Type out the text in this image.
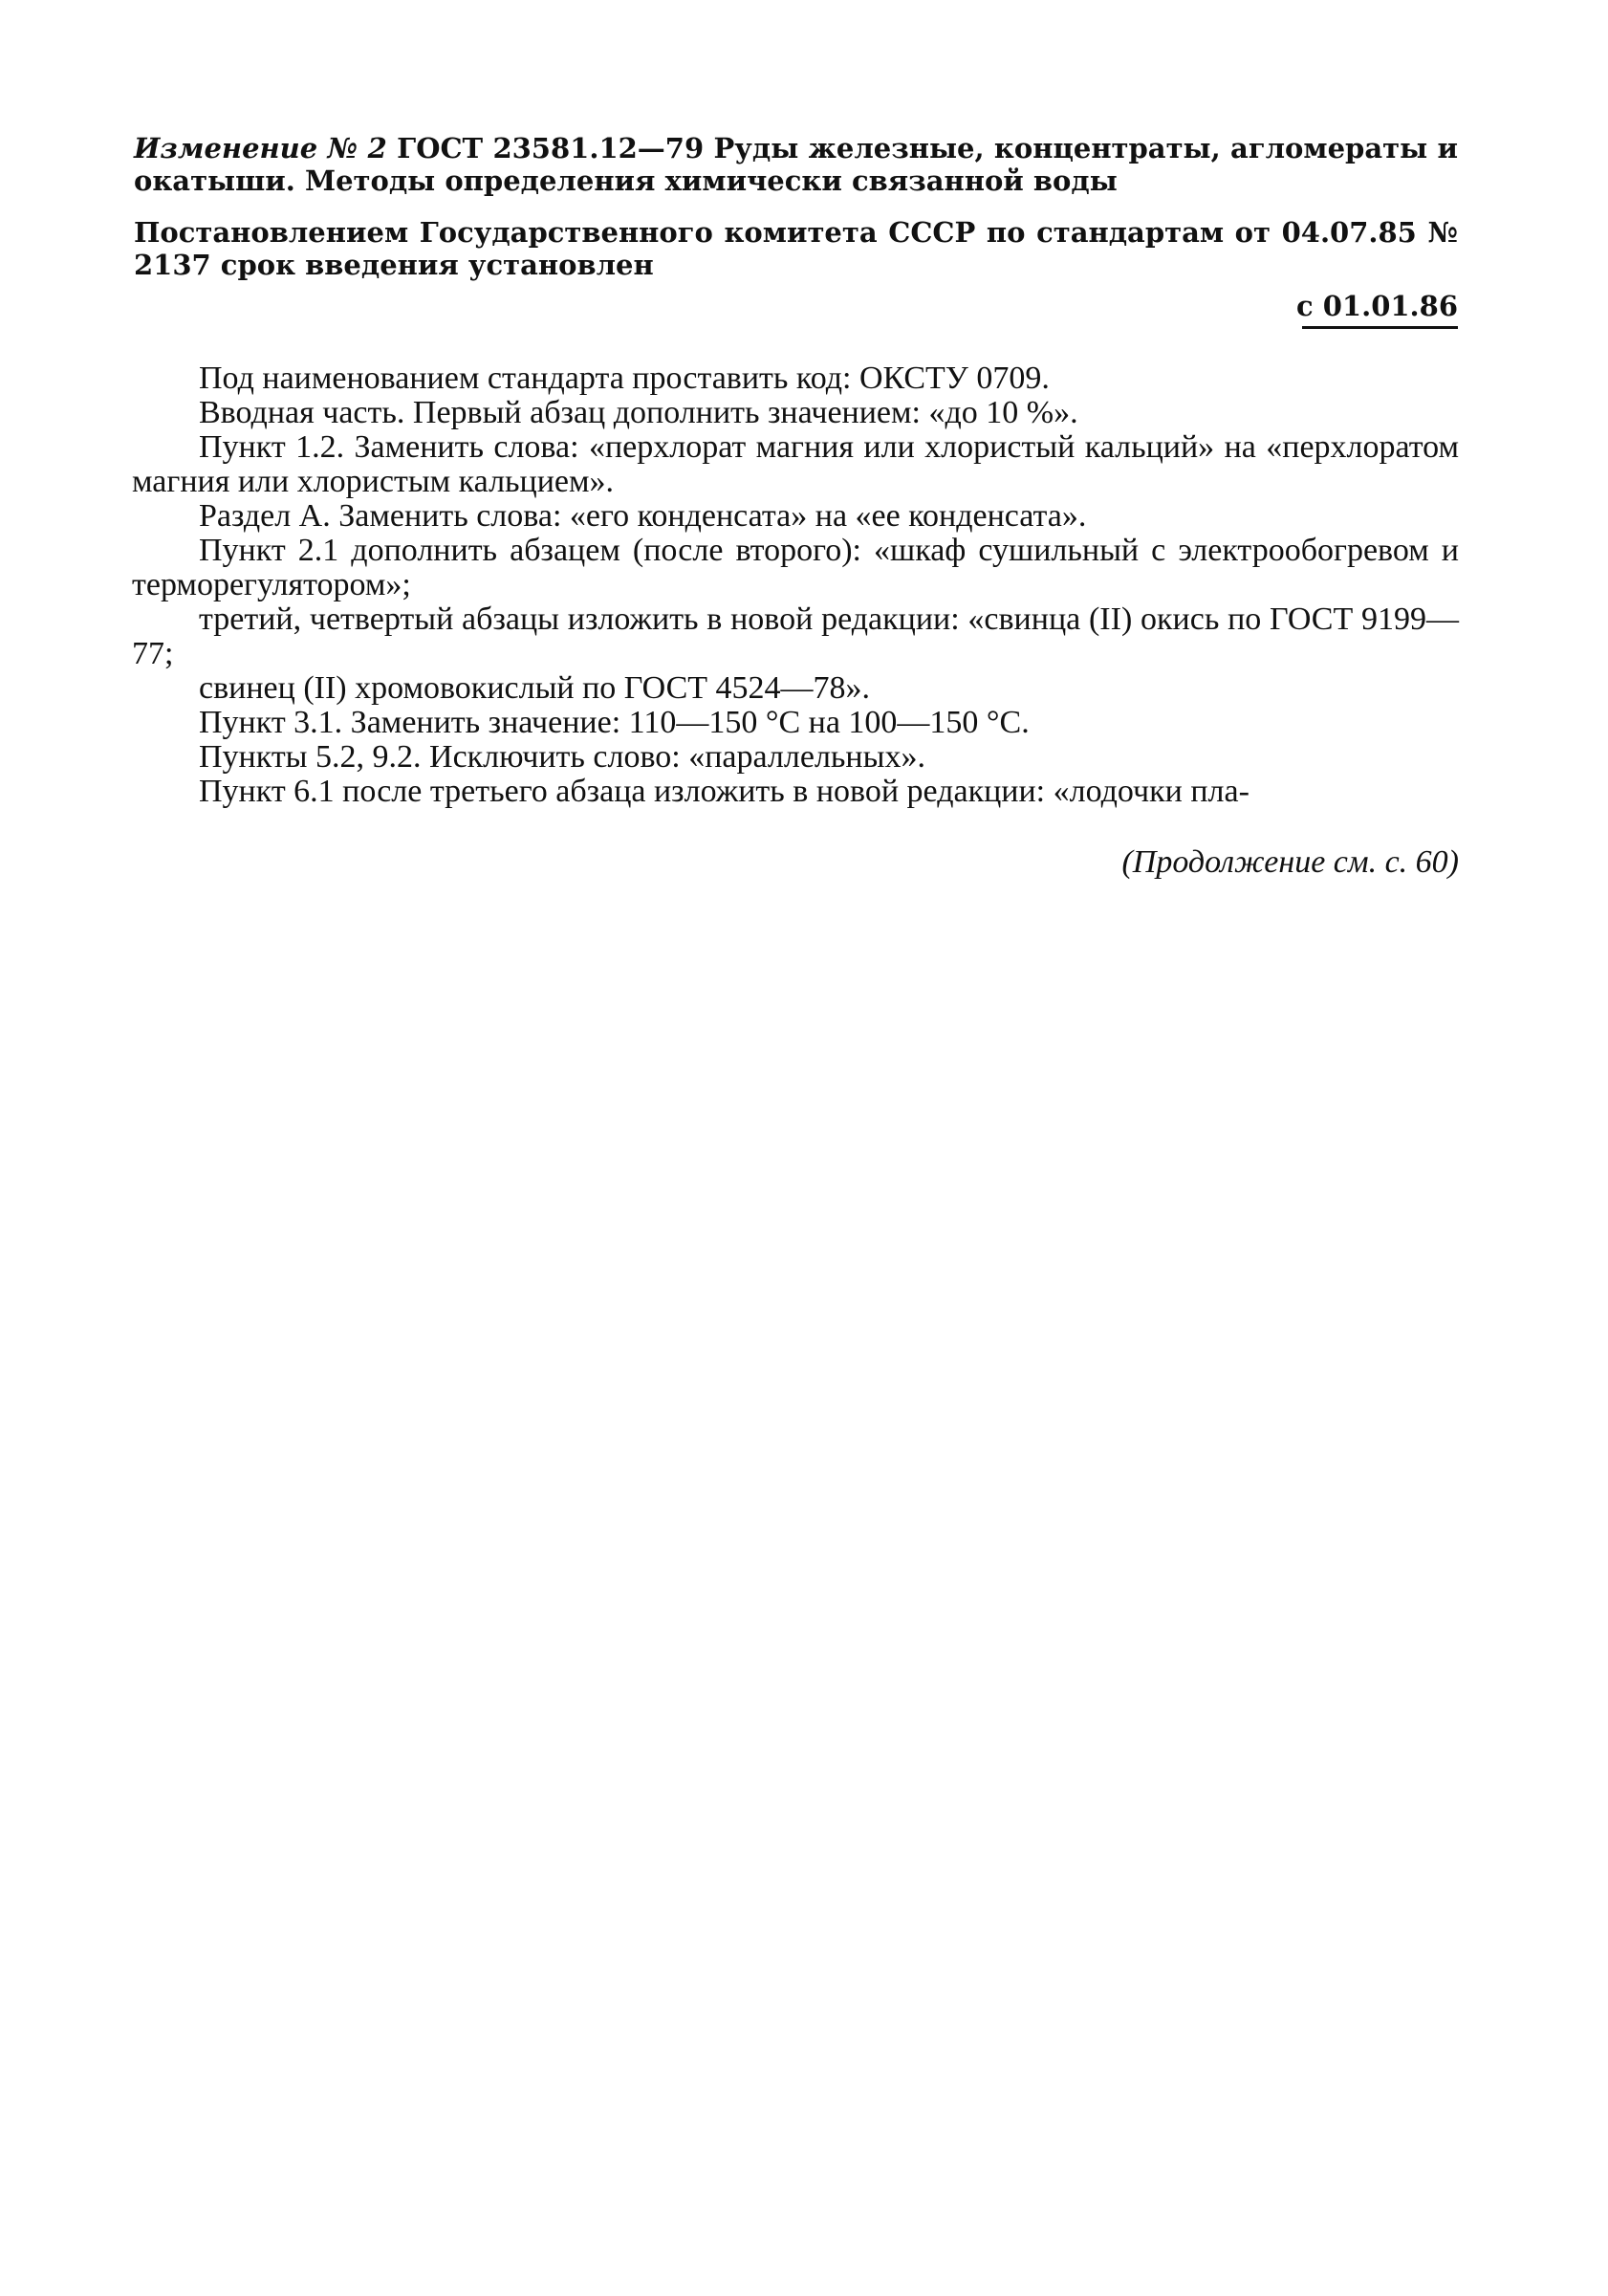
Изменение № 2 ГОСТ 23581.12—79 Руды железные, концентраты, агломераты и окатыши. Методы определения химически связанной воды

Постановлением Государственного комитета СССР по стандартам от 04.07.85 № 2137 срок введения установлен

с 01.01.86

Под наименованием стандарта проставить код: ОКСТУ 0709.

Вводная часть. Первый абзац дополнить значением: «до 10 %».

Пункт 1.2. Заменить слова: «перхлорат магния или хлористый кальций» на «перхлоратом магния или хлористым кальцием».

Раздел А. Заменить слова: «его конденсата» на «ее конденсата».

Пункт 2.1 дополнить абзацем (после второго): «шкаф сушильный с электрообогревом и терморегулятором»;

третий, четвертый абзацы изложить в новой редакции: «свинца (II) окись по ГОСТ 9199—77;

свинец (II) хромовокислый по ГОСТ 4524—78».

Пункт 3.1. Заменить значение: 110—150 °С на 100—150 °С.

Пункты 5.2, 9.2. Исключить слово: «параллельных».

Пункт 6.1 после третьего абзаца изложить в новой редакции: «лодочки пла-

(Продолжение см. с. 60)
